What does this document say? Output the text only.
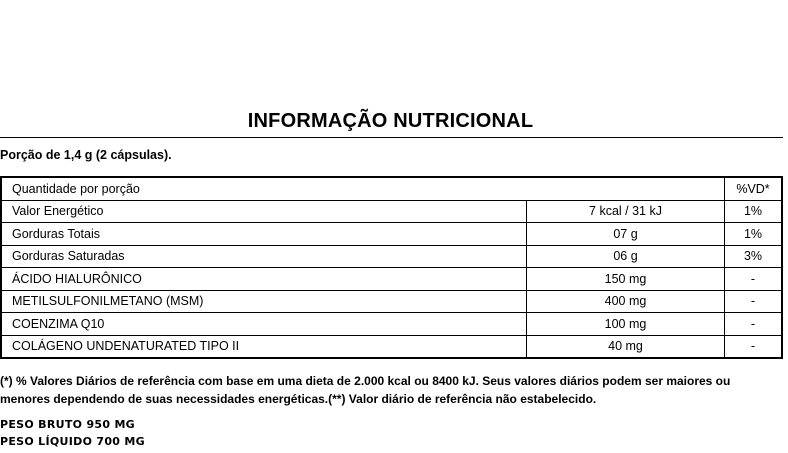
INFORMAÇÃO NUTRICIONAL
Porção de 1,4 g (2 cápsulas).
Quantidade por porção		%VD*
Valor Energético	7 kcal / 31 kJ	1%
Gorduras Totais	07 g	1%
Gorduras Saturadas	06 g	3%
ÁCIDO HIALURÔNICO	150 mg	-
METILSULFONILMETANO (MSM)	400 mg	-
COENZIMA Q10	100 mg	-
COLÁGENO UNDENATURATED TIPO II	40 mg	-
(*) % Valores Diários de referência com base em uma dieta de 2.000 kcal ou 8400 kJ. Seus valores diários podem ser maiores ou
menores dependendo de suas necessidades energéticas.(**) Valor diário de referência não estabelecido.
PESO BRUTO 950 MG
PESO LÍQUIDO 700 MG
